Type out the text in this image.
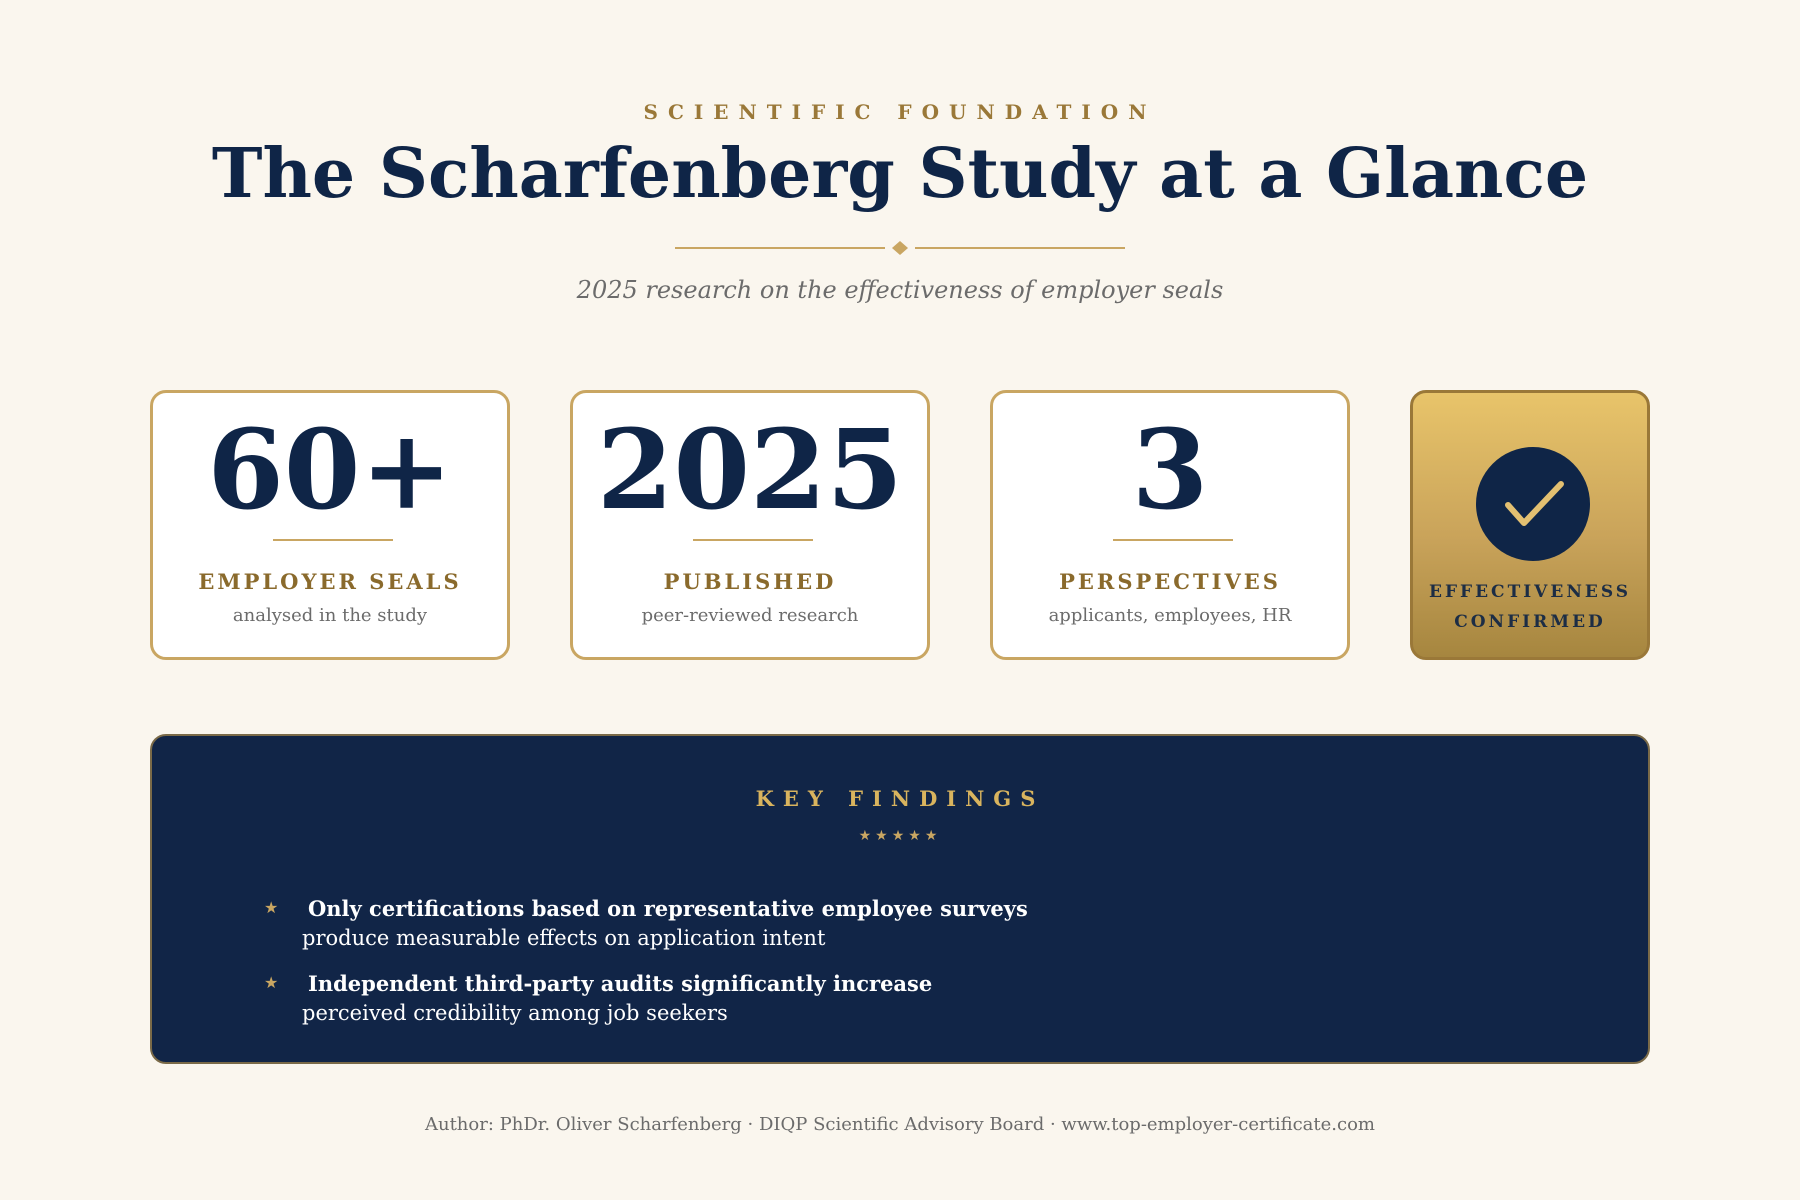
SCIENTIFIC FOUNDATION
The Scharfenberg Study at a Glance
2025 research on the effectiveness of employer seals
60+
EMPLOYER SEALS
analysed in the study
2025
PUBLISHED
peer-reviewed research
3
PERSPECTIVES
applicants, employees, HR
EFFECTIVENESS
CONFIRMED
KEY FINDINGS
★★★★★
★ Only certifications based on representative employee surveys
produce measurable effects on application intent
★ Independent third-party audits significantly increase
perceived credibility among job seekers
Author: PhDr. Oliver Scharfenberg · DIQP Scientific Advisory Board · www.top-employer-certificate.com
